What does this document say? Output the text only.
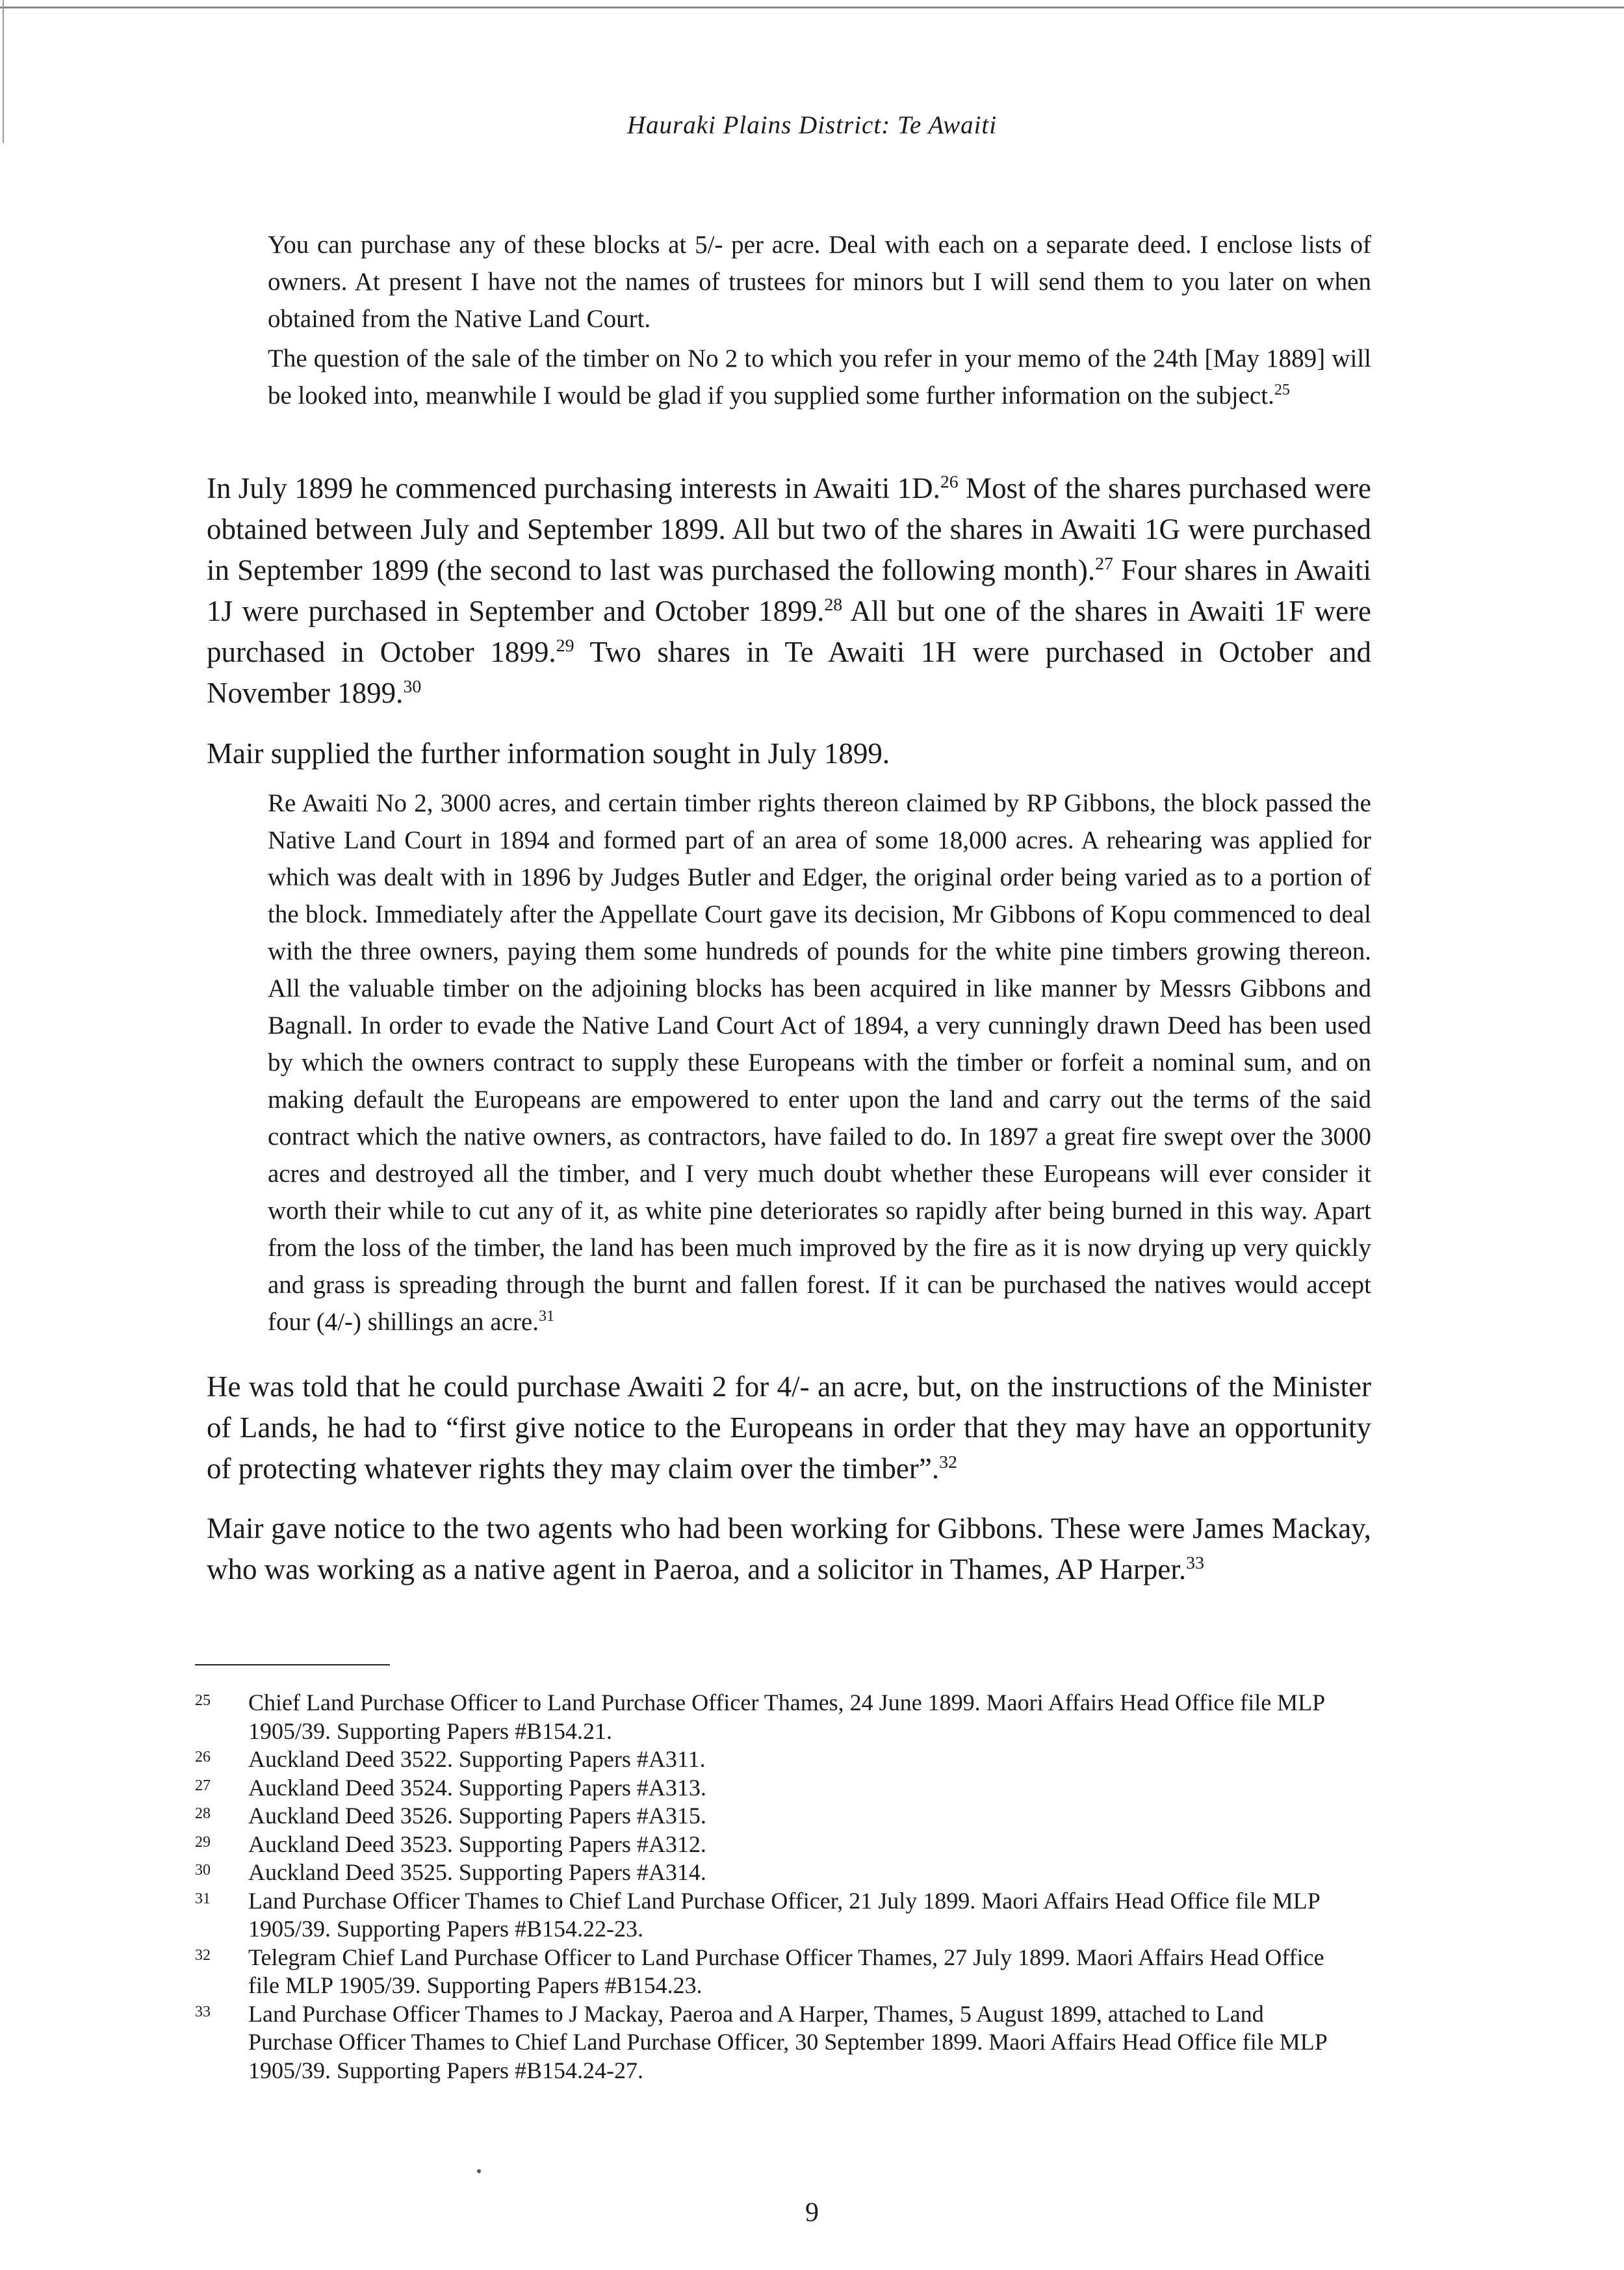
Hauraki Plains District: Te Awaiti
You can purchase any of these blocks at 5/- per acre. Deal with each on a separate deed. I enclose lists of owners. At present I have not the names of trustees for minors but I will send them to you later on when obtained from the Native Land Court.
The question of the sale of the timber on No 2 to which you refer in your memo of the 24th [May 1889] will be looked into, meanwhile I would be glad if you supplied some further information on the subject.$^{25}$
In July 1899 he commenced purchasing interests in Awaiti 1D.$^{26}$ Most of the shares purchased were obtained between July and September 1899. All but two of the shares in Awaiti 1G were purchased in September 1899 (the second to last was purchased the following month).$^{27}$ Four shares in Awaiti 1J were purchased in September and October 1899.28 All but one of the shares in Awaiti 1F were purchased in October 1899.29 Two shares in Te Awaiti 1H were purchased in October and November 1899.30
Mair supplied the further information sought in July 1899.
Re Awaiti No 2, 3000 acres, and certain timber rights thereon claimed by RP Gibbons, the block passed the Native Land Court in 1894 and formed part of an area of some 18,000 acres. A rehearing was applied for which was dealt with in 1896 by Judges Butler and Edger, the original order being varied as to a portion of the block. Immediately after the Appellate Court gave its decision, Mr Gibbons of Kopu commenced to deal with the three owners, paying them some hundreds of pounds for the white pine timbers growing thereon. All the valuable timber on the adjoining blocks has been acquired in like manner by Messrs Gibbons and Bagnall. In order to evade the Native Land Court Act of 1894, a very cunningly drawn Deed has been used by which the owners contract to supply these Europeans with the timber or forfeit a nominal sum, and on making default the Europeans are empowered to enter upon the land and carry out the terms of the said contract which the native owners, as contractors, have failed to do. In 1897 a great fire swept over the 3000 acres and destroyed all the timber, and I very much doubt whether these Europeans will ever consider it worth their while to cut any of it, as white pine deteriorates so rapidly after being burned in this way. Apart from the loss of the timber, the land has been much improved by the fire as it is now drying up very quickly and grass is spreading through the burnt and fallen forest. If it can be purchased the natives would accept four (4/-) shillings an acre.$^{31}$
He was told that he could purchase Awaiti 2 for 4/- an acre, but, on the instructions of the Minister of Lands, he had to “first give notice to the Europeans in order that they may have an opportunity of protecting whatever rights they may claim over the timber”.$^{32}$
Mair gave notice to the two agents who had been working for Gibbons. These were James Mackay, who was working as a native agent in Paeroa, and a solicitor in Thames, AP Harper.$^{33}$
25	Chief Land Purchase Officer to Land Purchase Officer Thames, 24 June 1899. Maori Affairs Head Office file MLP 1905/39. Supporting Papers #B154.21.
26	Auckland Deed 3522. Supporting Papers #A311.
27	Auckland Deed 3524. Supporting Papers #A313.
28	Auckland Deed 3526. Supporting Papers #A315.
29	Auckland Deed 3523. Supporting Papers #A312.
30	Auckland Deed 3525. Supporting Papers #A314.
31	Land Purchase Officer Thames to Chief Land Purchase Officer, 21 July 1899. Maori Affairs Head Office file MLP 1905/39. Supporting Papers #B154.22-23.
32	Telegram Chief Land Purchase Officer to Land Purchase Officer Thames, 27 July 1899. Maori Affairs Head Office file MLP 1905/39. Supporting Papers #B154.23.
33	Land Purchase Officer Thames to J Mackay, Paeroa and A Harper, Thames, 5 August 1899, attached to Land Purchase Officer Thames to Chief Land Purchase Officer, 30 September 1899. Maori Affairs Head Office file MLP 1905/39. Supporting Papers #B154.24-27.
9
